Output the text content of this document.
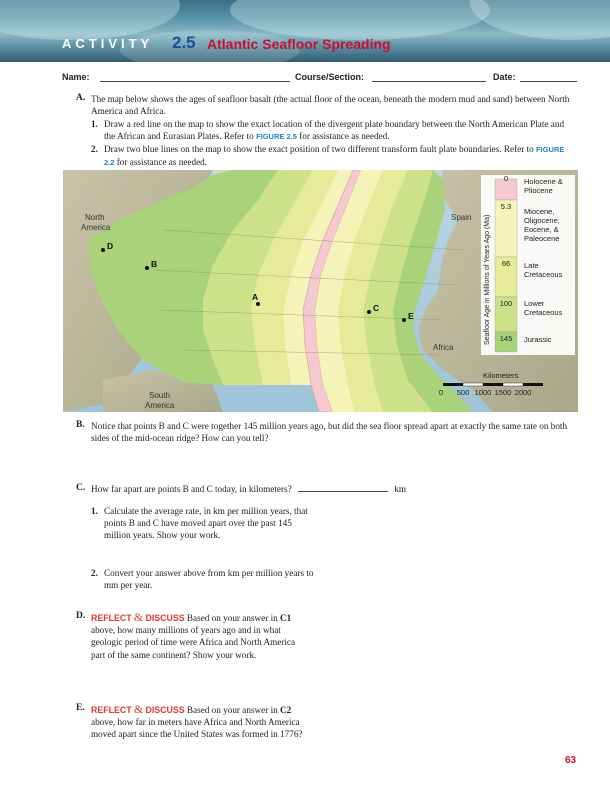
ACTIVITY 2.5 Atlantic Seafloor Spreading
Name:	Course/Section:	Date:
A. The map below shows the ages of seafloor basalt (the actual floor of the ocean, beneath the modern mud and sand) between North America and Africa.
1. Draw a red line on the map to show the exact location of the divergent plate boundary between the North American Plate and the African and Eurasian Plates. Refer to FIGURE 2.5 for assistance as needed.
2. Draw two blue lines on the map to show the exact position of two different transform fault plate boundaries. Refer to FIGURE 2.2 for assistance as needed.
North
America
Spain
Africa
South
America
D
B
A
C
E	Seafloor Age in Millions of Years Ago (Ma)
0
5.3
66
100
145
Holocene &
Pliocene
Miocene,
Oligocene,
Eocene, &
Paleocene
Late
Cretaceous
Lower
Cretaceous
Jurassic
Kilometers
0 500 1000 1500 2000
B. Notice that points B and C were together 145 million years ago, but did the sea floor spread apart at exactly the same rate on both sides of the mid-ocean ridge? How can you tell?
C. How far apart are points B and C today, in kilometers?	km
1. Calculate the average rate, in km per million years, that points B and C have moved apart over the past 145 million years. Show your work.
2. Convert your answer above from km per million years to mm per year.
D. REFLECT & DISCUSS Based on your answer in C1 above, how many millions of years ago and in what geologic period of time were Africa and North America part of the same continent? Show your work.
E. REFLECT & DISCUSS Based on your answer in C2 above, how far in meters have Africa and North America moved apart since the United States was formed in 1776?
63
